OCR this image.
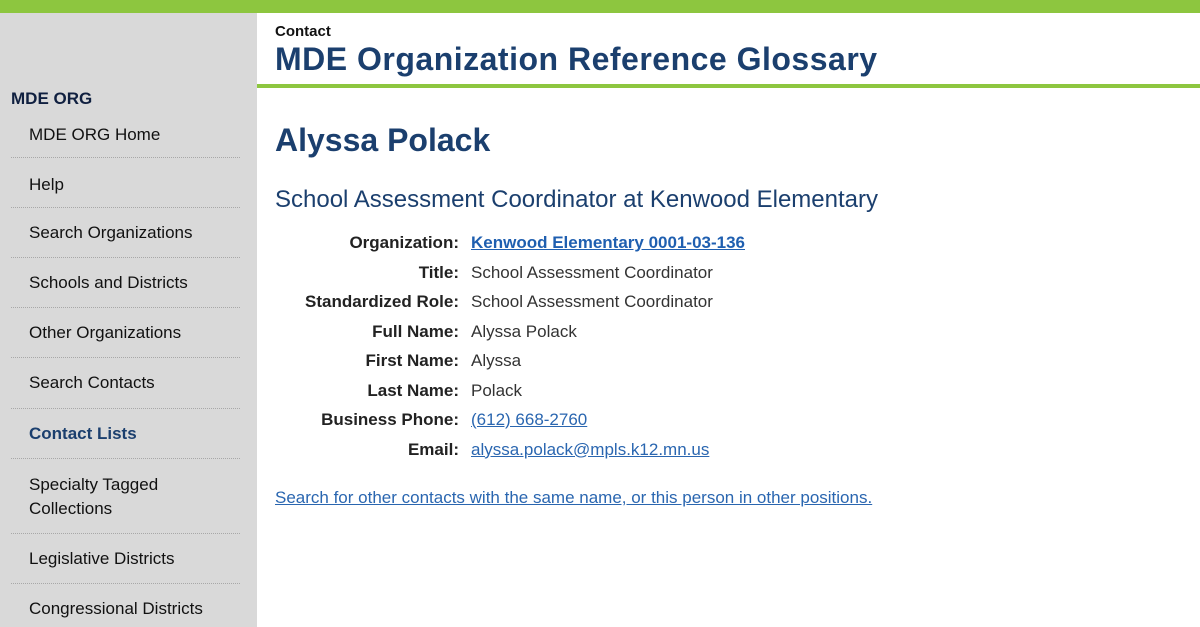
Contact
MDE Organization Reference Glossary
MDE ORG
MDE ORG Home
Help
Search Organizations
Schools and Districts
Other Organizations
Search Contacts
Contact Lists
Specialty Tagged Collections
Legislative Districts
Congressional Districts
Alyssa Polack
School Assessment Coordinator at Kenwood Elementary
Organization: Kenwood Elementary 0001-03-136
Title: School Assessment Coordinator
Standardized Role: School Assessment Coordinator
Full Name: Alyssa Polack
First Name: Alyssa
Last Name: Polack
Business Phone: (612) 668-2760
Email: alyssa.polack@mpls.k12.mn.us
Search for other contacts with the same name, or this person in other positions.
